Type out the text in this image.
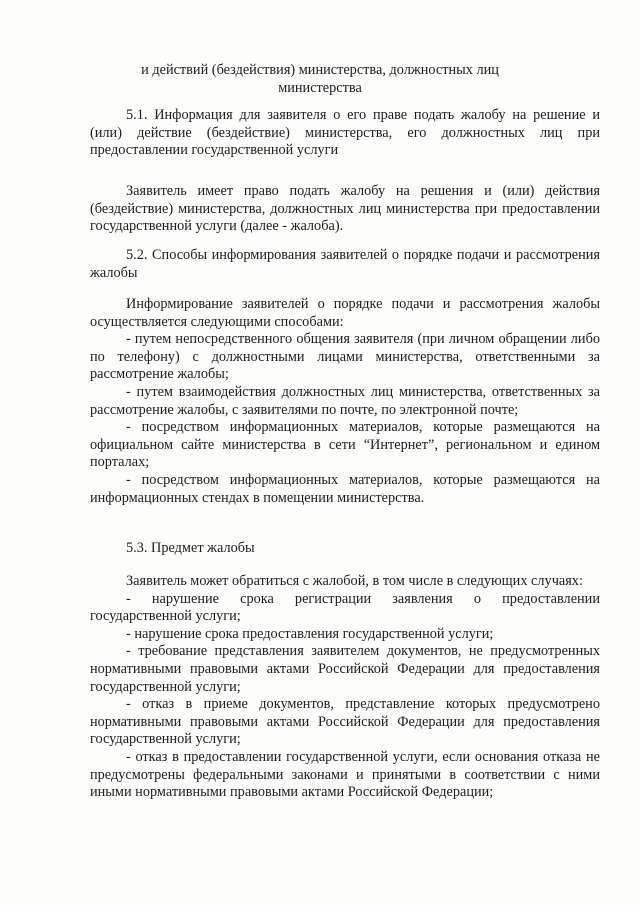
и действий (бездействия) министерства, должностных лиц
министерства

5.1. Информация для заявителя о его праве подать жалобу на решение и (или) действие (бездействие) министерства, его должностных лиц при предоставлении государственной услуги

Заявитель имеет право подать жалобу на решения и (или) действия (бездействие) министерства, должностных лиц министерства при предоставлении государственной услуги (далее - жалоба).

5.2. Способы информирования заявителей о порядке подачи и рассмотрения жалобы

Информирование заявителей о порядке подачи и рассмотрения жалобы осуществляется следующими способами:

- путем непосредственного общения заявителя (при личном обращении либо по телефону) с должностными лицами министерства, ответственными за рассмотрение жалобы;

- путем взаимодействия должностных лиц министерства, ответственных за рассмотрение жалобы, с заявителями по почте, по электронной почте;

- посредством информационных материалов, которые размещаются на официальном сайте министерства в сети “Интернет”, региональном и едином порталах;

- посредством информационных материалов, которые размещаются на информационных стендах в помещении министерства.

5.3. Предмет жалобы

Заявитель может обратиться с жалобой, в том числе в следующих случаях:

- нарушение срока регистрации заявления о предоставлении государственной услуги;

- нарушение срока предоставления государственной услуги;

- требование представления заявителем документов, не предусмотренных нормативными правовыми актами Российской Федерации для предоставления государственной услуги;

- отказ в приеме документов, представление которых предусмотрено нормативными правовыми актами Российской Федерации для предоставления государственной услуги;

- отказ в предоставлении государственной услуги, если основания отказа не предусмотрены федеральными законами и принятыми в соответствии с ними иными нормативными правовыми актами Российской Федерации;
